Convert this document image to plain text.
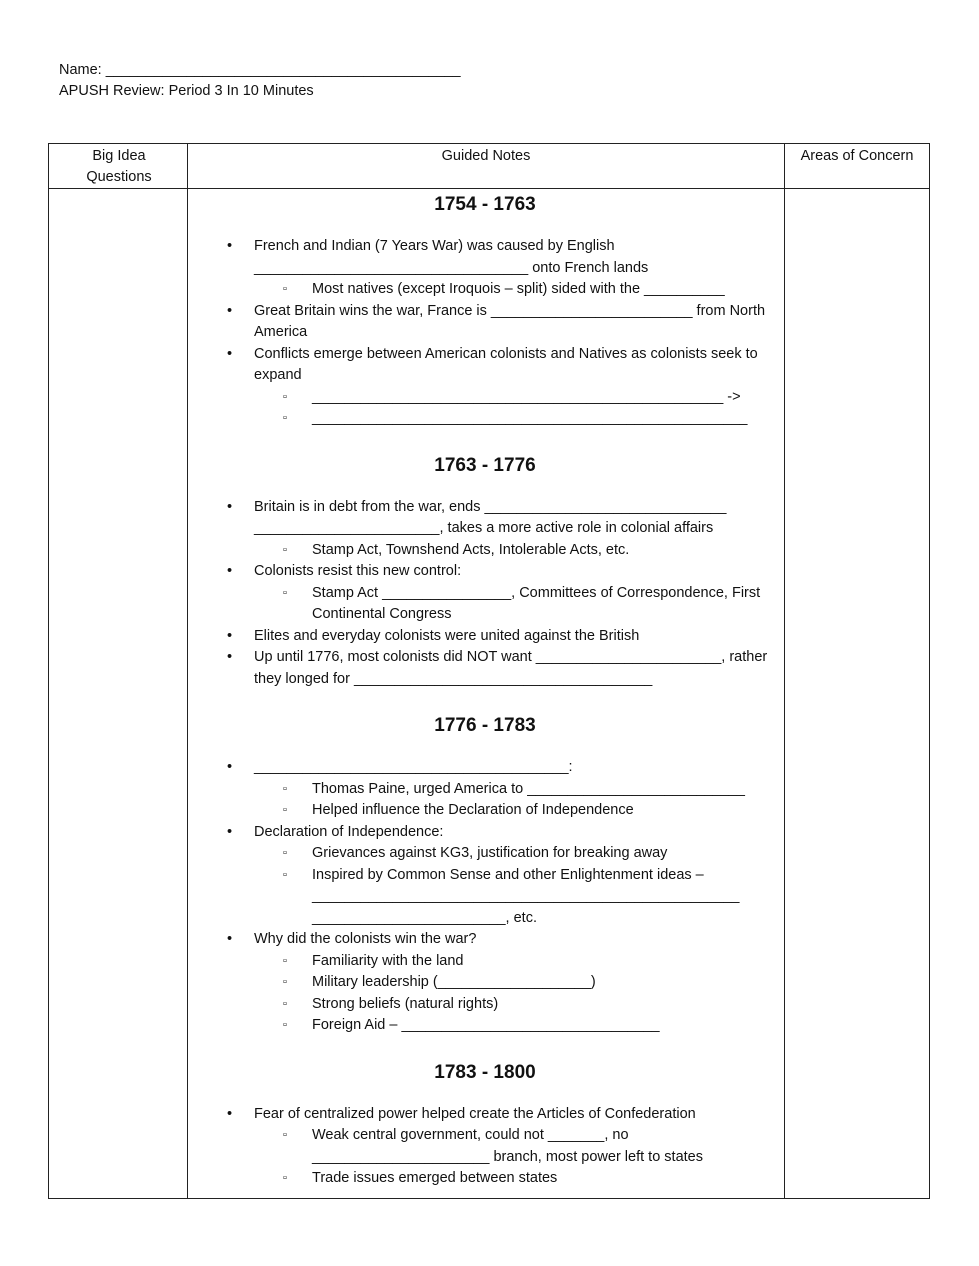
Name: ____________________________________________
APUSH Review: Period 3 In 10 Minutes
Big Idea Questions
Guided Notes	Areas of Concern
1754 - 1763
• French and Indian (7 Years War) was caused by English __________________________________ onto French lands
▫ Most natives (except Iroquois – split) sided with the __________
• Great Britain wins the war, France is _________________________ from North America
• Conflicts emerge between American colonists and Natives as colonists seek to expand
▫ ___________________________________________________ ->
▫ ______________________________________________________
1763 - 1776
• Britain is in debt from the war, ends ______________________________ _______________________, takes a more active role in colonial affairs
▫ Stamp Act, Townshend Acts, Intolerable Acts, etc.
• Colonists resist this new control:
▫ Stamp Act ________________, Committees of Correspondence, First Continental Congress
• Elites and everyday colonists were united against the British
• Up until 1776, most colonists did NOT want _______________________, rather they longed for _____________________________________
1776 - 1783
• _______________________________________:
▫ Thomas Paine, urged America to ___________________________
▫ Helped influence the Declaration of Independence
• Declaration of Independence:
▫ Grievances against KG3, justification for breaking away
▫ Inspired by Common Sense and other Enlightenment ideas – _____________________________________________________ ________________________, etc.
• Why did the colonists win the war?
▫ Familiarity with the land
▫ Military leadership (___________________)
▫ Strong beliefs (natural rights)
▫ Foreign Aid – ________________________________
1783 - 1800
• Fear of centralized power helped create the Articles of Confederation
▫ Weak central government, could not _______, no ______________________ branch, most power left to states
▫ Trade issues emerged between states
